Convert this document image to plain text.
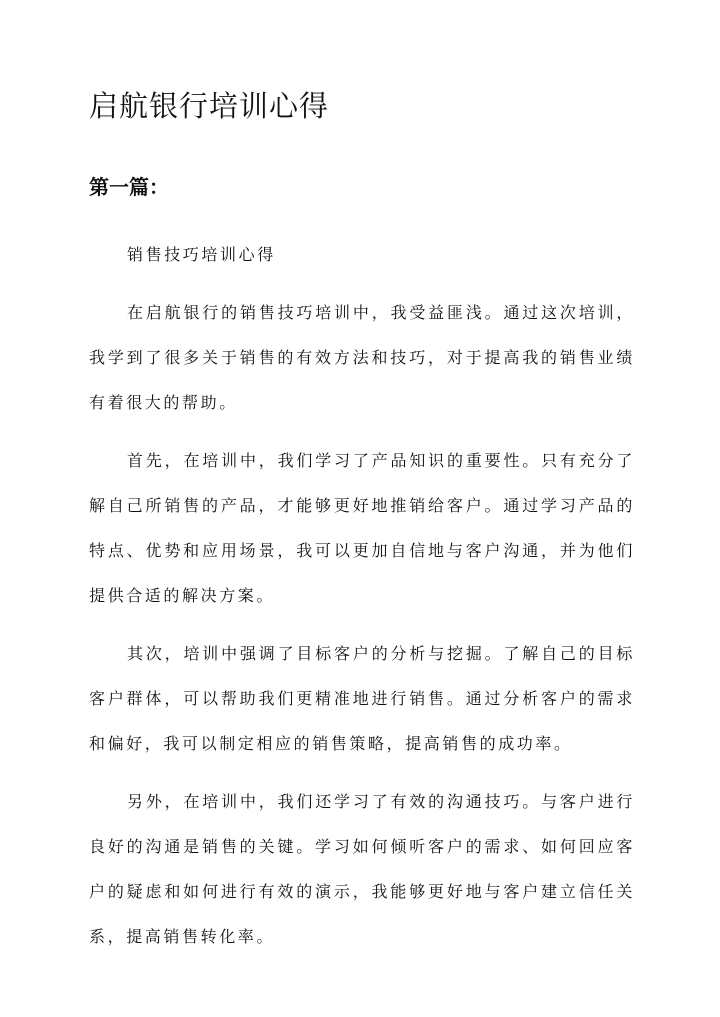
启航银行培训心得
第一篇：

销售技巧培训心得

在启航银行的销售技巧培训中，我受益匪浅。通过这次培训，我学到了很多关于销售的有效方法和技巧，对于提高我的销售业绩有着很大的帮助。

首先，在培训中，我们学习了产品知识的重要性。只有充分了解自己所销售的产品，才能够更好地推销给客户。通过学习产品的特点、优势和应用场景，我可以更加自信地与客户沟通，并为他们提供合适的解决方案。

其次，培训中强调了目标客户的分析与挖掘。了解自己的目标客户群体，可以帮助我们更精准地进行销售。通过分析客户的需求和偏好，我可以制定相应的销售策略，提高销售的成功率。

另外，在培训中，我们还学习了有效的沟通技巧。与客户进行良好的沟通是销售的关键。学习如何倾听客户的需求、如何回应客户的疑虑和如何进行有效的演示，我能够更好地与客户建立信任关系，提高销售转化率。
